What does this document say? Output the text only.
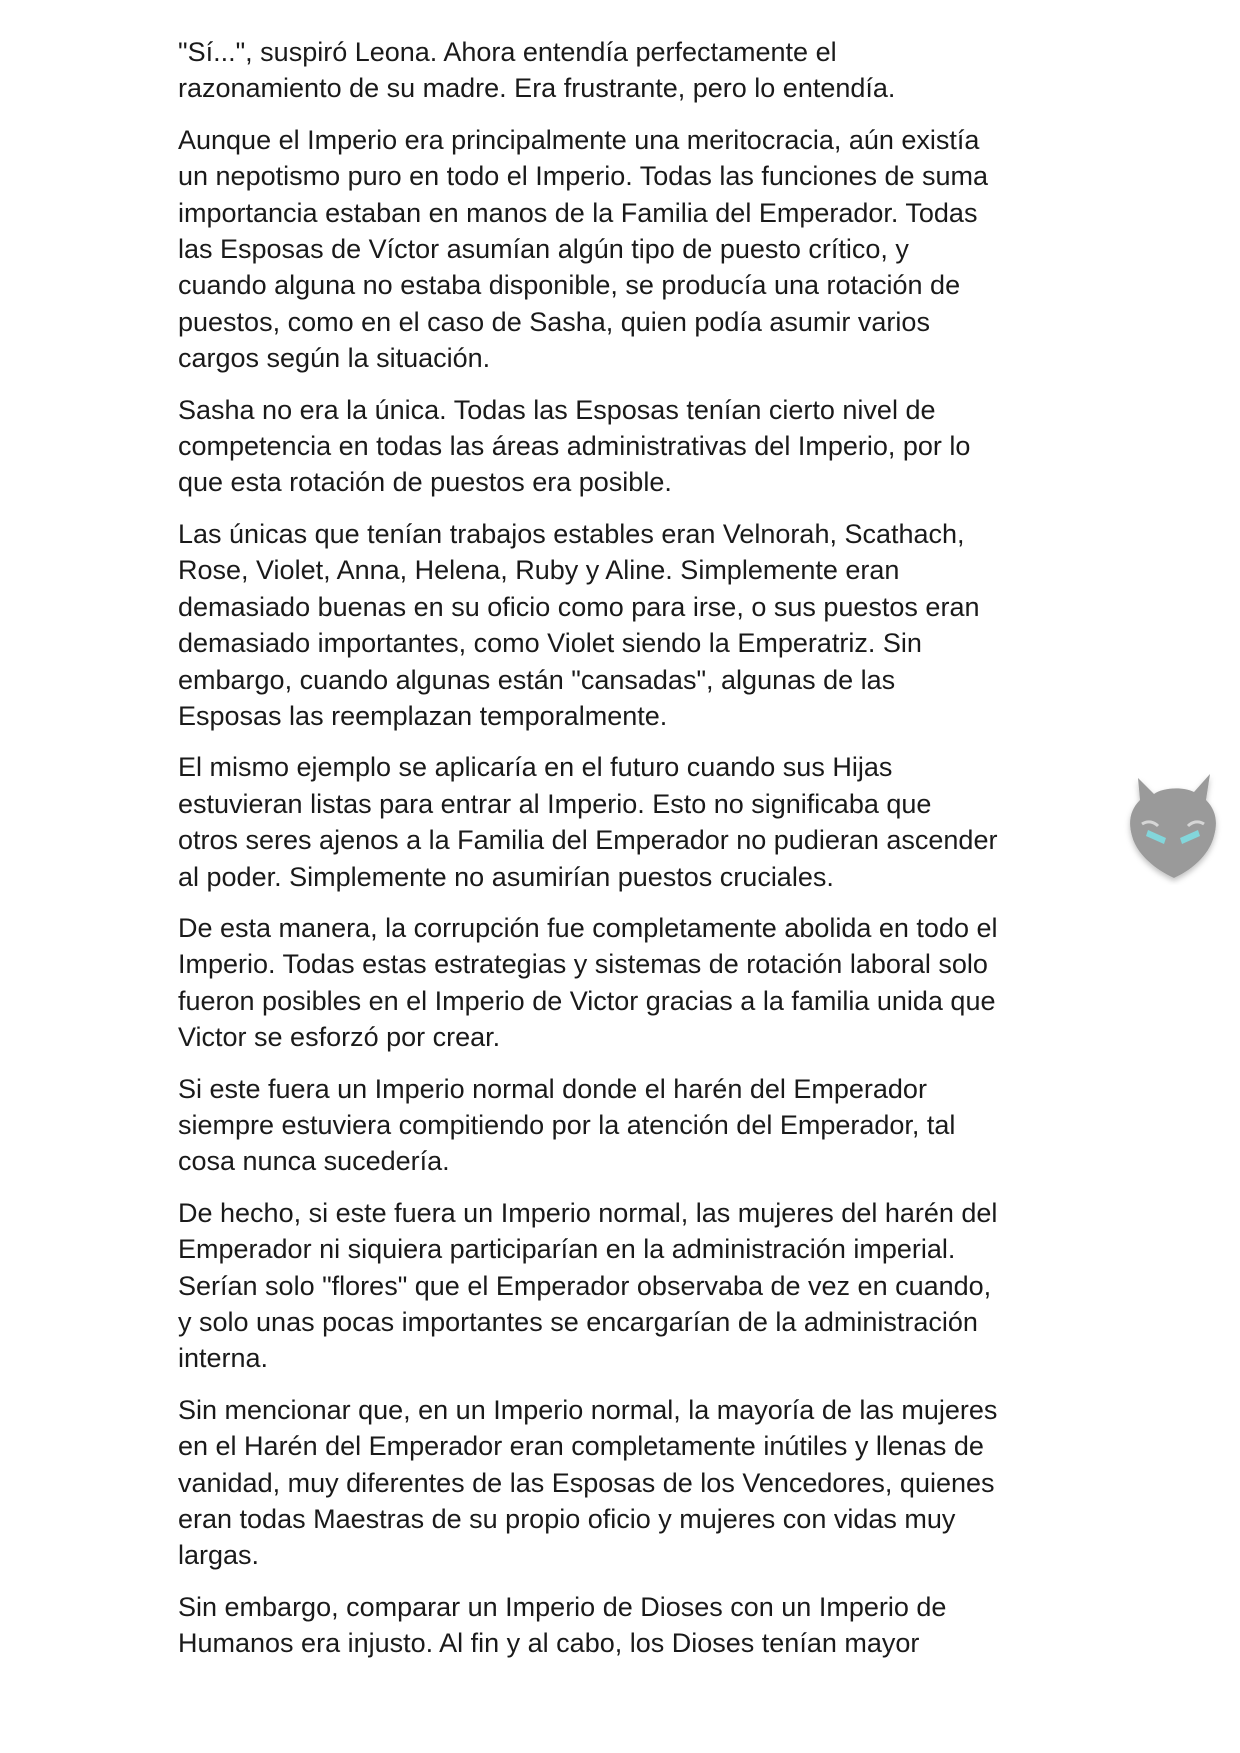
"Sí...", suspiró Leona. Ahora entendía perfectamente el
razonamiento de su madre. Era frustrante, pero lo entendía.

Aunque el Imperio era principalmente una meritocracia, aún existía
un nepotismo puro en todo el Imperio. Todas las funciones de suma
importancia estaban en manos de la Familia del Emperador. Todas
las Esposas de Víctor asumían algún tipo de puesto crítico, y
cuando alguna no estaba disponible, se producía una rotación de
puestos, como en el caso de Sasha, quien podía asumir varios
cargos según la situación.

Sasha no era la única. Todas las Esposas tenían cierto nivel de
competencia en todas las áreas administrativas del Imperio, por lo
que esta rotación de puestos era posible.

Las únicas que tenían trabajos estables eran Velnorah, Scathach,
Rose, Violet, Anna, Helena, Ruby y Aline. Simplemente eran
demasiado buenas en su oficio como para irse, o sus puestos eran
demasiado importantes, como Violet siendo la Emperatriz. Sin
embargo, cuando algunas están "cansadas", algunas de las
Esposas las reemplazan temporalmente.

El mismo ejemplo se aplicaría en el futuro cuando sus Hijas
estuvieran listas para entrar al Imperio. Esto no significaba que
otros seres ajenos a la Familia del Emperador no pudieran ascender
al poder. Simplemente no asumirían puestos cruciales.

De esta manera, la corrupción fue completamente abolida en todo el
Imperio. Todas estas estrategias y sistemas de rotación laboral solo
fueron posibles en el Imperio de Victor gracias a la familia unida que
Victor se esforzó por crear.

Si este fuera un Imperio normal donde el harén del Emperador
siempre estuviera compitiendo por la atención del Emperador, tal
cosa nunca sucedería.

De hecho, si este fuera un Imperio normal, las mujeres del harén del
Emperador ni siquiera participarían en la administración imperial.
Serían solo "flores" que el Emperador observaba de vez en cuando,
y solo unas pocas importantes se encargarían de la administración
interna.

Sin mencionar que, en un Imperio normal, la mayoría de las mujeres
en el Harén del Emperador eran completamente inútiles y llenas de
vanidad, muy diferentes de las Esposas de los Vencedores, quienes
eran todas Maestras de su propio oficio y mujeres con vidas muy
largas.

Sin embargo, comparar un Imperio de Dioses con un Imperio de
Humanos era injusto. Al fin y al cabo, los Dioses tenían mayor
